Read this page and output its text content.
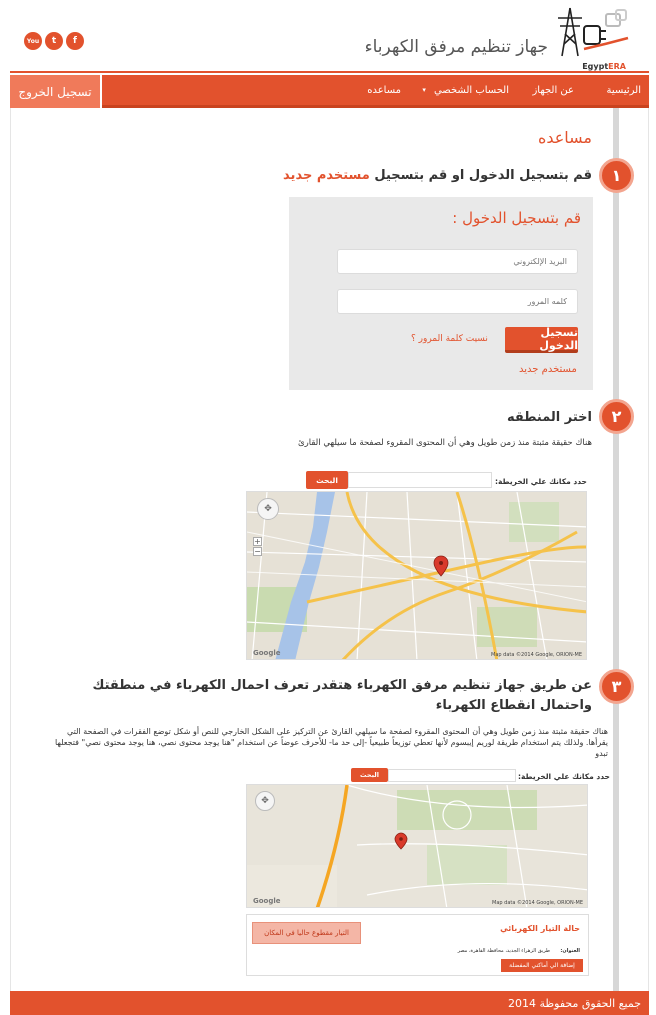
You	t	f	جهاز تنظيم مرفق الكهرباء
EgyptERA
تسجيل الخروج	الرئيسية
عن الجهاز
الحساب الشخصي
▾
مساعده
مساعده
١
قم بتسجيل الدخول او قم بتسجيل مستخدم جديد
قم بتسجيل الدخول :
البريد الإلكتروني
تسجيل الدخول
نسيت كلمة المرور ؟
مستخدم جديد
٢
اختر المنطقه
هناك حقيقة مثبتة منذ زمن طويل وهي أن المحتوى المقروء لصفحة ما سيلهي القارئ
حدد مكانك علي الخريطة:
البحث
✥
+
−
Google	Map data ©2014 Google, ORION-ME
٣
عن طريق جهاز تنظيم مرفق الكهرباء هتقدر تعرف احمال الكهرباء في منطقتك واحتمال انقطاع الكهرباء
هناك حقيقة مثبتة منذ زمن طويل وهي أن المحتوى المقروء لصفحة ما سيلهي القارئ عن التركيز على الشكل الخارجي للنص أو شكل توضع الفقرات في الصفحة التي يقرأها. ولذلك يتم استخدام طريقة لوريم إيبسوم لأنها تعطي توزيعاً طبيعياً -إلى حد ما- للأحرف عوضاً عن استخدام "هنا يوجد محتوى نصي، هنا يوجد محتوى نصي" فتجعلها تبدو
حدد مكانك علي الخريطة:
البحث
✥
Google	Map data ©2014 Google, ORION-ME
حالة التيار الكهربائي
التيار مقطوع حاليا في المكان
العنوان:
طريق الزهراء الجديد، محافظة القاهرة، مصر
إضافة الي أماكني المفضلة
جميع الحقوق محفوظة 2014
